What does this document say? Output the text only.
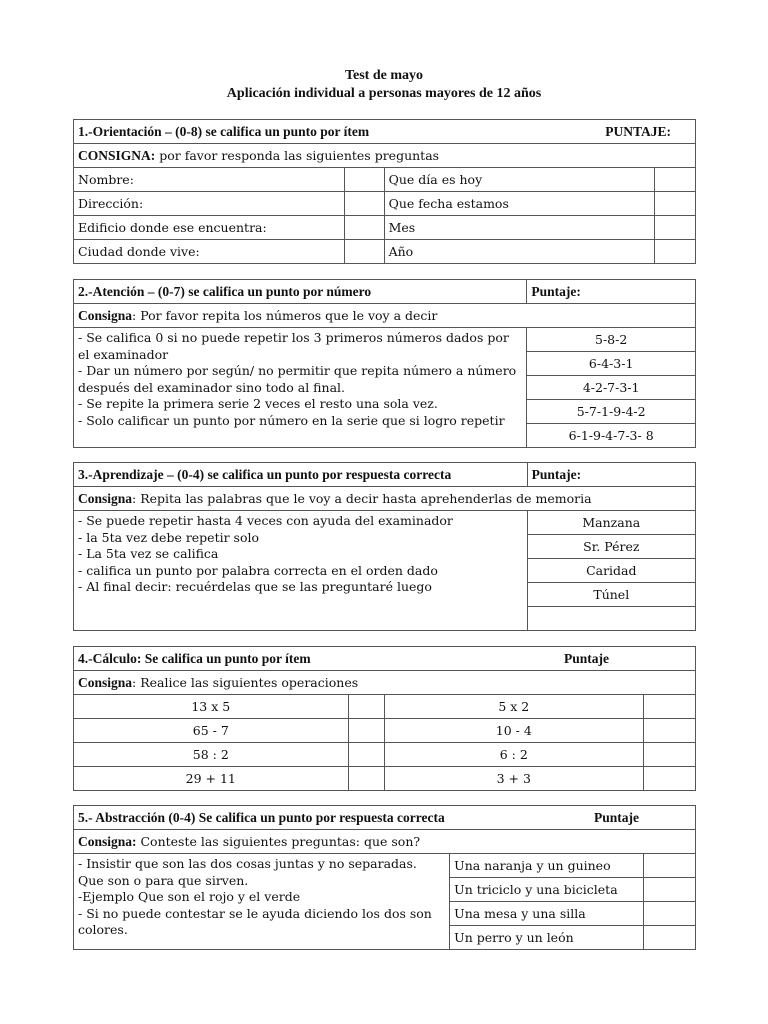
Test de mayo
Aplicación individual a personas mayores de 12 años
1.-Orientación – (0-8) se califica un punto por ítem PUNTAJE:			

CONSIGNA: por favor responda las siguientes preguntas			
Nombre:		Que día es hoy	
Dirección:		Que fecha estamos	
Edificio donde ese encuentra:		Mes	
Ciudad donde vive:		Año	
2.-Atención – (0-7) se califica un punto por número	Puntaje:
Consigna: Por favor repita los números que le voy a decir	

- Se califica 0 si no puede repetir los 3 primeros números dados por el examinador
- Dar un número por según/ no permitir que repita número a número después del examinador sino todo al final.
- Se repite la primera serie 2 veces el resto una sola vez.
- Solo calificar un punto por número en la serie que si logro repetir	5-8-2
	6-4-3-1
	4-2-7-3-1
	5-7-1-9-4-2
	6-1-9-4-7-3- 8
3.-Aprendizaje – (0-4) se califica un punto por respuesta correcta	Puntaje:
Consigna: Repita las palabras que le voy a decir hasta aprehenderlas de memoria	

- Se puede repetir hasta 4 veces con ayuda del examinador
- la 5ta vez debe repetir solo
- La 5ta vez se califica
- califica un punto por palabra correcta en el orden dado
- Al final decir: recuérdelas que se las preguntaré luego	Manzana
	Sr. Pérez
	Caridad
	Túnel

4.-Cálculo: Se califica un punto por ítem Puntaje			

Consigna: Realice las siguientes operaciones			
13 x 5		5 x 2	
65 - 7		10 - 4	
58 : 2		6 : 2	
29 + 11		3 + 3	
5.- Abstracción (0-4) Se califica un punto por respuesta correcta Puntaje		

Consigna: Conteste las siguientes preguntas: que son?		

- Insistir que son las dos cosas juntas y no separadas. Que son o para que sirven.
-Ejemplo Que son el rojo y el verde
- Si no puede contestar se le ayuda diciendo los dos son colores.	Una naranja y un guineo	
	Un triciclo y una bicicleta	
	Una mesa y una silla	
	Un perro y un león	
